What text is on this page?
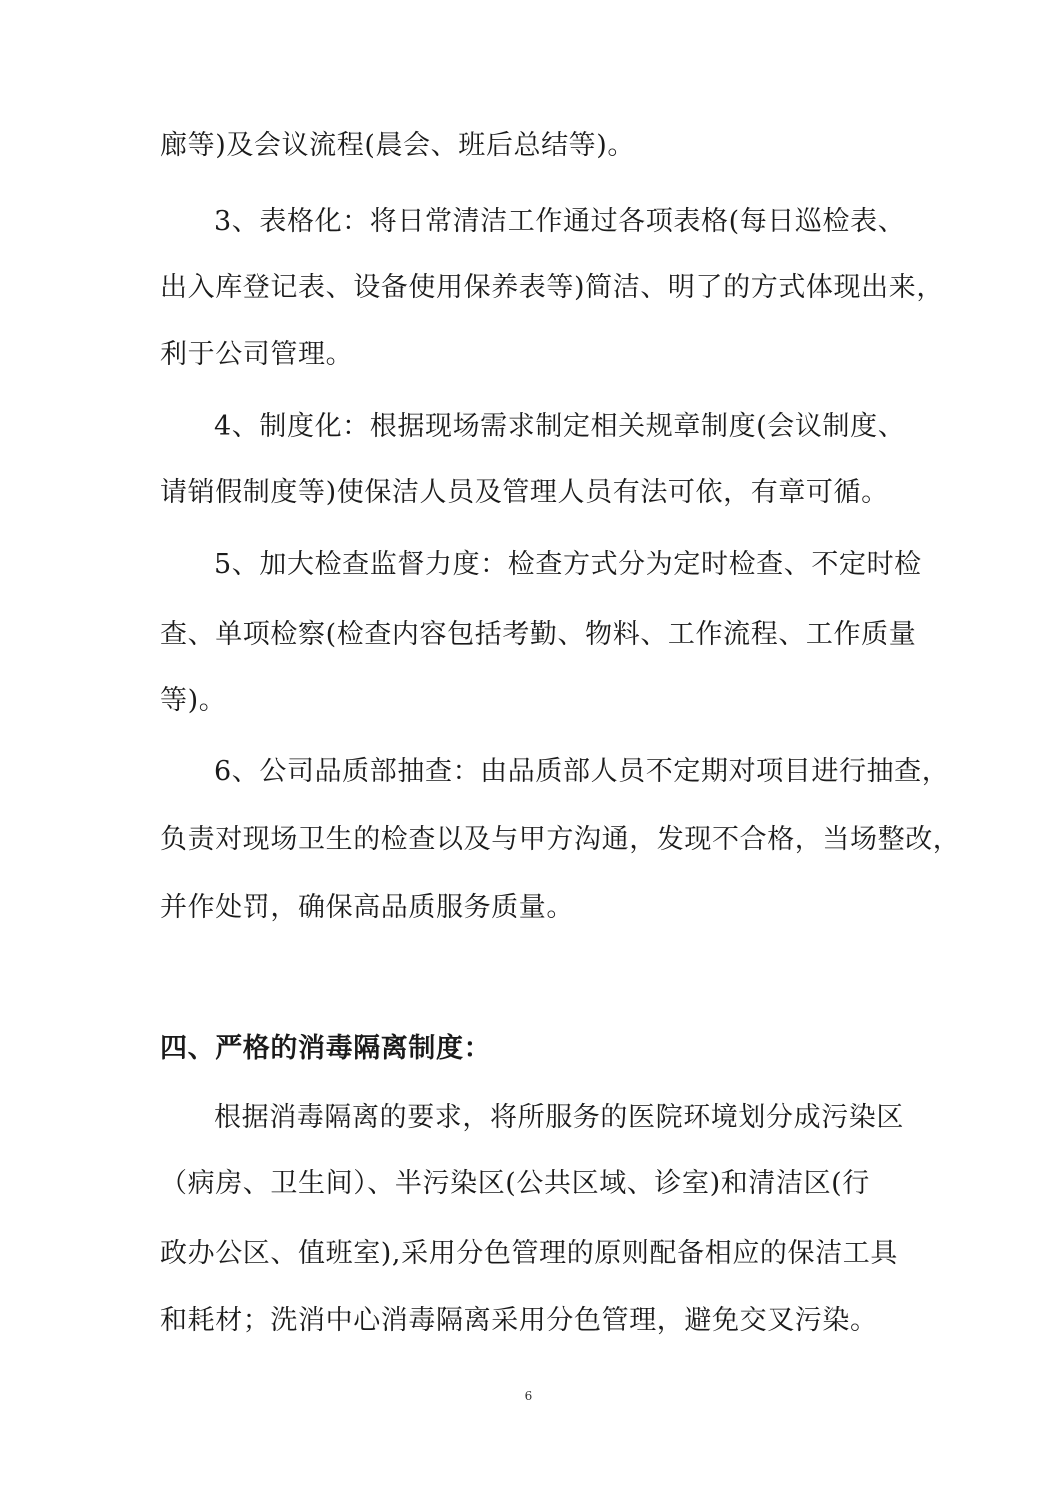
廊等)及会议流程(晨会、班后总结等)。
3、表格化：将日常清洁工作通过各项表格(每日巡检表、
出入库登记表、设备使用保养表等)简洁、明了的方式体现出来，
利于公司管理。
4、制度化：根据现场需求制定相关规章制度(会议制度、
请销假制度等)使保洁人员及管理人员有法可依，有章可循。
5、加大检查监督力度：检查方式分为定时检查、不定时检
查、单项检察(检查内容包括考勤、物料、工作流程、工作质量
等)。
6、公司品质部抽查：由品质部人员不定期对项目进行抽查，
负责对现场卫生的检查以及与甲方沟通，发现不合格，当场整改，
并作处罚，确保高品质服务质量。
四、严格的消毒隔离制度：
根据消毒隔离的要求，将所服务的医院环境划分成污染区
（病房、卫生间）、半污染区(公共区域、诊室)和清洁区(行
政办公区、值班室),采用分色管理的原则配备相应的保洁工具
和耗材；洗消中心消毒隔离采用分色管理，避免交叉污染。
6
